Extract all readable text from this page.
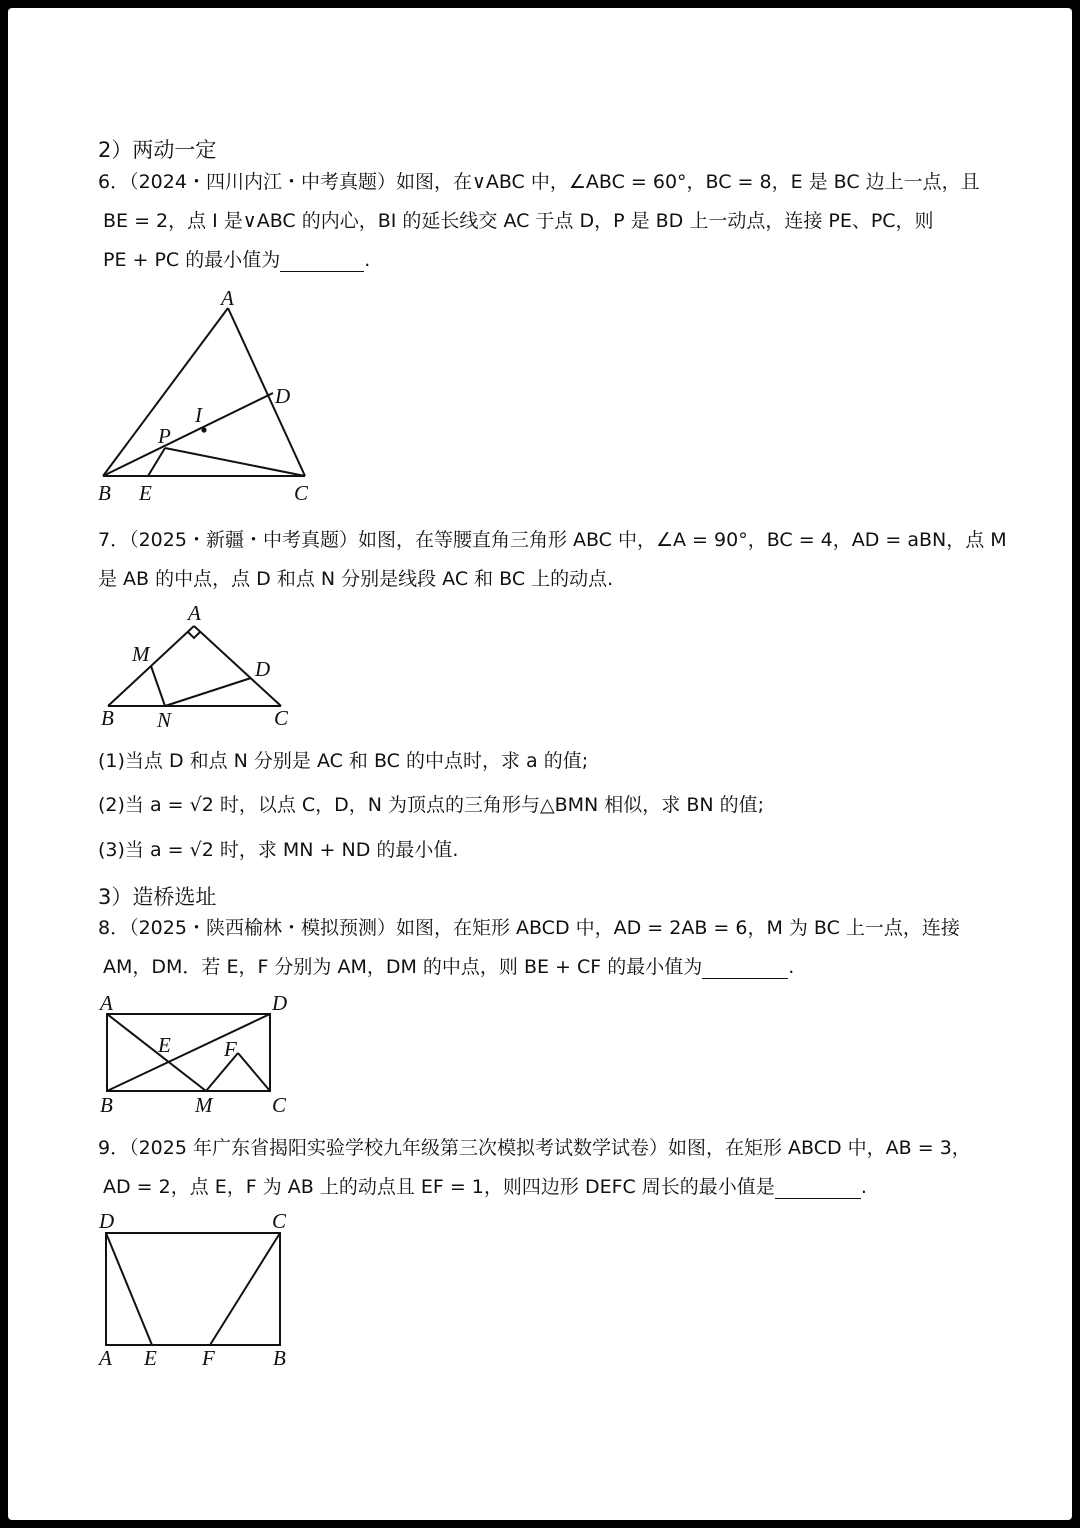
2）两动一定
6．（2024・四川内江・中考真题）如图，在∨ABC 中，∠ABC = 60°，BC = 8，E 是 BC 边上一点，且
BE = 2，点 I 是∨ABC 的内心，BI 的延长线交 AC 于点 D，P 是 BD 上一动点，连接 PE、PC，则
PE + PC 的最小值为	.
A
D
I
P
B E	C
7．（2025・新疆・中考真题）如图，在等腰直角三角形 ABC 中，∠A = 90°，BC = 4，AD = aBN，点 M
是 AB 的中点，点 D 和点 N 分别是线段 AC 和 BC 上的动点.
A
M
D
B N	C
(1)当点 D 和点 N 分别是 AC 和 BC 的中点时，求 a 的值;
(2)当 a = √2 时，以点 C，D，N 为顶点的三角形与△BMN 相似，求 BN 的值;
(3)当 a = √2 时，求 MN + ND 的最小值.
3）造桥选址
8．（2025・陕西榆林・模拟预测）如图，在矩形 ABCD 中，AD = 2AB = 6，M 为 BC 上一点，连接
AM，DM．若 E，F 分别为 AM，DM 的中点，则 BE + CF 的最小值为	.
A	D
E	F
B	M	C
9．（2025 年广东省揭阳实验学校九年级第三次模拟考试数学试卷）如图，在矩形 ABCD 中，AB = 3，
AD = 2，点 E，F 为 AB 上的动点且 EF = 1，则四边形 DEFC 周长的最小值是	.
D	C
A E F	B
